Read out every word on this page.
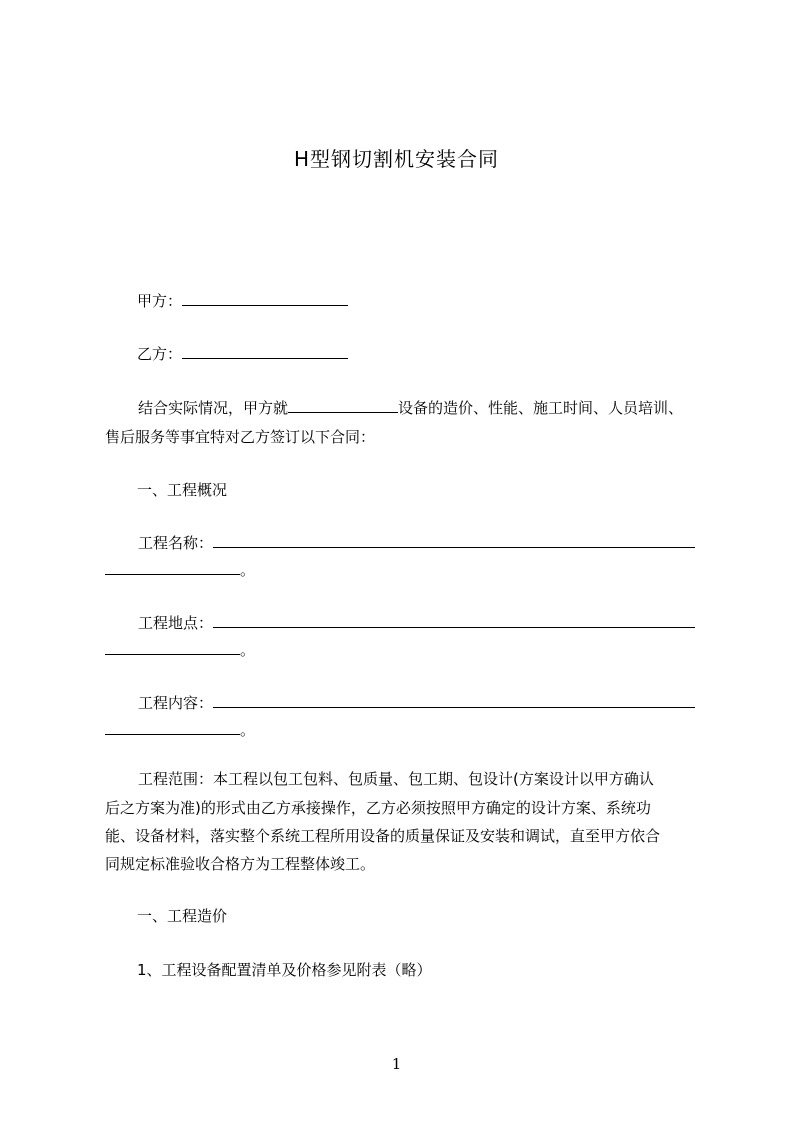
H型钢切割机安装合同
甲方：
乙方：
结合实际情况，甲方就	设备的造价、性能、施工时间、人员培训、
售后服务等事宜特对乙方签订以下合同：
一、工程概况
工程名称：
。
工程地点：
。
工程内容：
。
工程范围：本工程以包工包料、包质量、包工期、包设计(方案设计以甲方确认
后之方案为准)的形式由乙方承接操作，乙方必须按照甲方确定的设计方案、系统功
能、设备材料，落实整个系统工程所用设备的质量保证及安装和调试，直至甲方依合
同规定标准验收合格方为工程整体竣工。
一、工程造价
1、工程设备配置清单及价格参见附表（略）
1
